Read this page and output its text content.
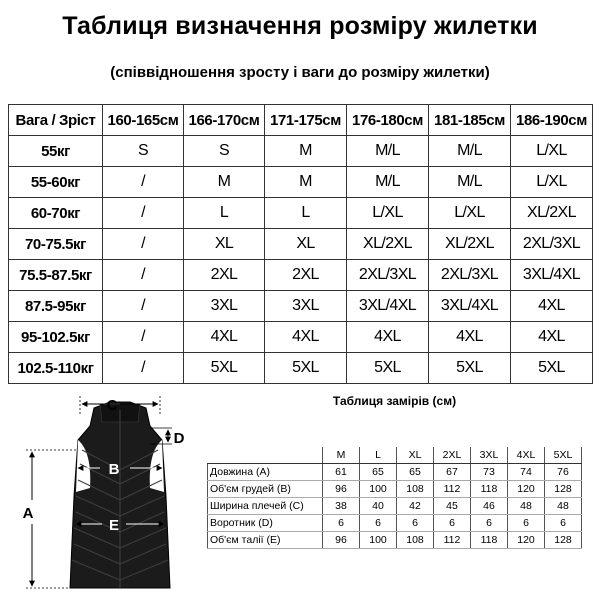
Таблиця визначення розміру жилетки
(співвідношення зросту і ваги до розміру жилетки)
Вага / Зріст	160-165см	166-170см	171-175см	176-180см	181-185см	186-190см
55кг	S	S	M	M/L	M/L	L/XL
55-60кг	/	M	M	M/L	M/L	L/XL
60-70кг	/	L	L	L/XL	L/XL	XL/2XL
70-75.5кг	/	XL	XL	XL/2XL	XL/2XL	2XL/3XL
75.5-87.5кг	/	2XL	2XL	2XL/3XL	2XL/3XL	3XL/4XL
87.5-95кг	/	3XL	3XL	3XL/4XL	3XL/4XL	4XL
95-102.5кг	/	4XL	4XL	4XL	4XL	4XL
102.5-110кг	/	5XL	5XL	5XL	5XL	5XL
C
D
A
B
E
Таблиця замірів (см)
	M	L	XL	2XL	3XL	4XL	5XL
Довжина (A)	61	65	65	67	73	74	76
Об'єм грудей (B)	96	100	108	112	118	120	128
Ширина плечей (C)	38	40	42	45	46	48	48
Воротник (D)	6	6	6	6	6	6	6
Об'єм талії (E)	96	100	108	112	118	120	128
